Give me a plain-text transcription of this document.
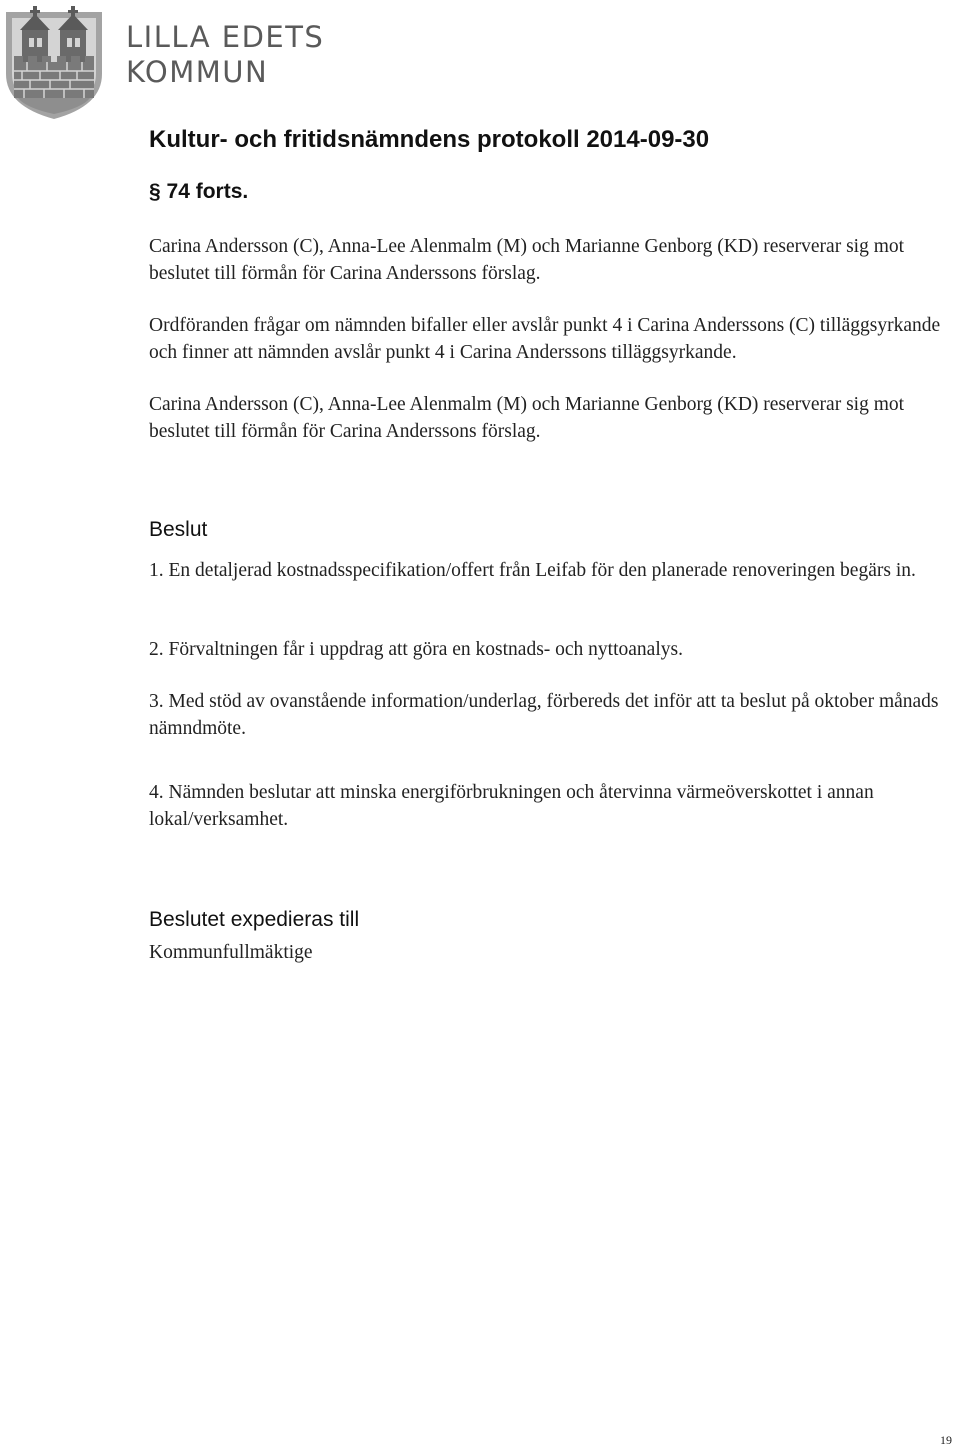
LILLA EDETS
KOMMUN
Kultur- och fritidsnämndens protokoll 2014-09-30
§ 74 forts.

Carina Andersson (C), Anna-Lee Alenmalm (M) och Marianne Genborg (KD) reserverar sig mot beslutet till förmån för Carina Anderssons förslag.

Ordföranden frågar om nämnden bifaller eller avslår punkt 4 i Carina Anderssons (C) tilläggsyrkande och finner att nämnden avslår punkt 4 i Carina Anderssons tilläggsyrkande.

Carina Andersson (C), Anna-Lee Alenmalm (M) och Marianne Genborg (KD) reserverar sig mot beslutet till förmån för Carina Anderssons förslag.

Beslut

1. En detaljerad kostnadsspecifikation/offert från Leifab för den planerade renoveringen begärs in.

2. Förvaltningen får i uppdrag att göra en kostnads- och nyttoanalys.

3. Med stöd av ovanstående information/underlag, förbereds det inför att ta beslut på oktober månads nämndmöte.

4. Nämnden beslutar att minska energiförbrukningen och återvinna värmeöverskottet i annan lokal/verksamhet.

Beslutet expedieras till

Kommunfullmäktige

19
